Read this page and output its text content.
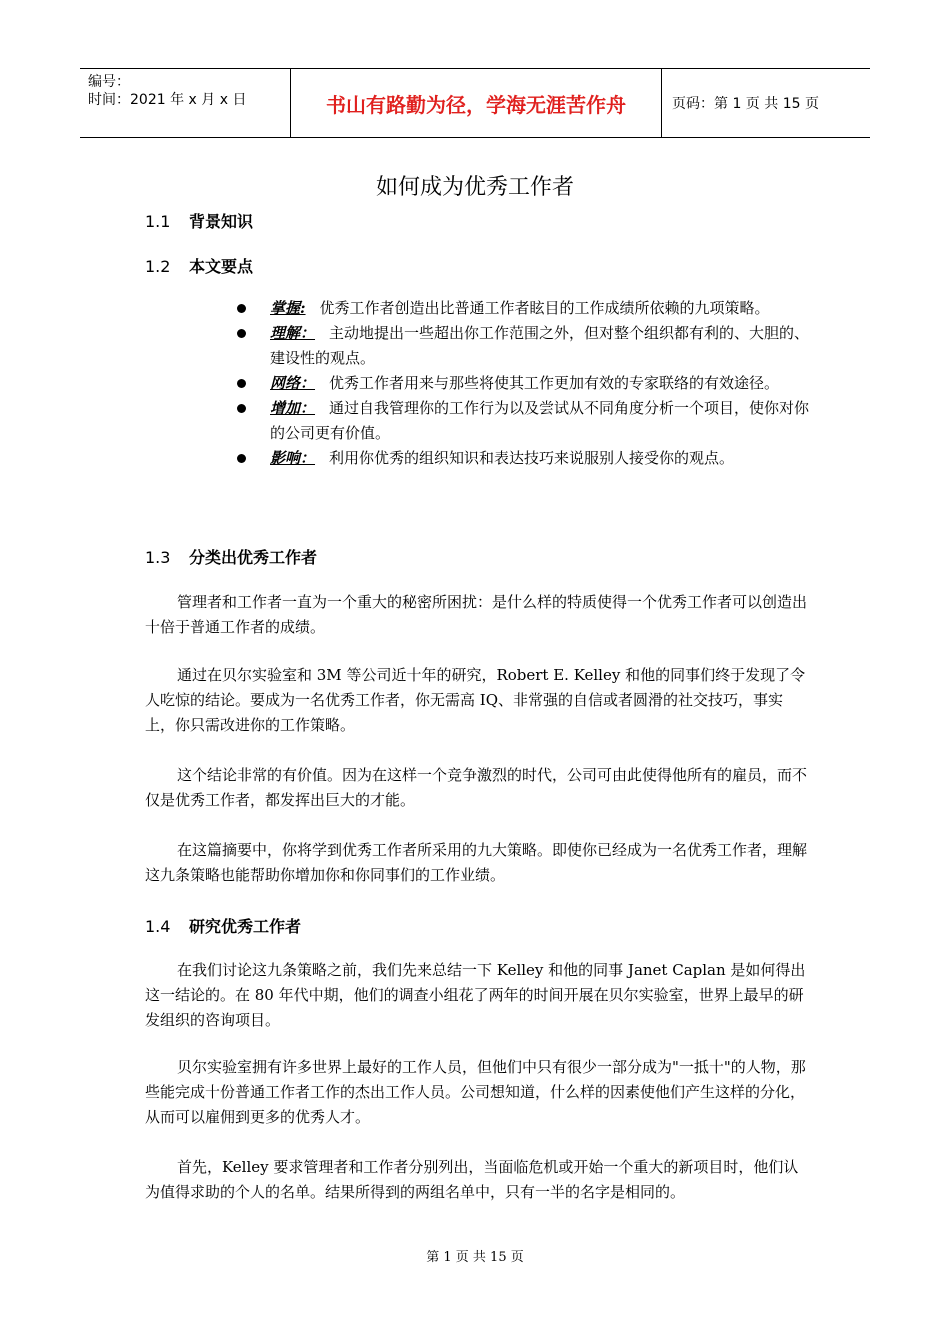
编号：
时间：2021 年 x 月 x 日	书山有路勤为径，学海无涯苦作舟	页码：第 1 页 共 15 页
如何成为优秀工作者
1.1 背景知识
1.2 本文要点
掌握: 优秀工作者创造出比普通工作者眩目的工作成绩所依赖的九项策略。
理解： 主动地提出一些超出你工作范围之外，但对整个组织都有利的、大胆的、建设性的观点。
网络： 优秀工作者用来与那些将使其工作更加有效的专家联络的有效途径。
增加： 通过自我管理你的工作行为以及尝试从不同角度分析一个项目，使你对你的公司更有价值。
影响： 利用你优秀的组织知识和表达技巧来说服别人接受你的观点。
1.3 分类出优秀工作者

管理者和工作者一直为一个重大的秘密所困扰：是什么样的特质使得一个优秀工作者可以创造出十倍于普通工作者的成绩。

通过在贝尔实验室和 3M 等公司近十年的研究，Robert E. Kelley 和他的同事们终于发现了令人吃惊的结论。要成为一名优秀工作者，你无需高 IQ、非常强的自信或者圆滑的社交技巧，事实上，你只需改进你的工作策略。

这个结论非常的有价值。因为在这样一个竞争激烈的时代，公司可由此使得他所有的雇员，而不仅是优秀工作者，都发挥出巨大的才能。

在这篇摘要中，你将学到优秀工作者所采用的九大策略。即使你已经成为一名优秀工作者，理解这九条策略也能帮助你增加你和你同事们的工作业绩。

1.4 研究优秀工作者

在我们讨论这九条策略之前，我们先来总结一下 Kelley 和他的同事 Janet Caplan 是如何得出这一结论的。在 80 年代中期，他们的调查小组花了两年的时间开展在贝尔实验室，世界上最早的研发组织的咨询项目。

贝尔实验室拥有许多世界上最好的工作人员，但他们中只有很少一部分成为"一抵十"的人物，那些能完成十份普通工作者工作的杰出工作人员。公司想知道，什么样的因素使他们产生这样的分化，从而可以雇佣到更多的优秀人才。

首先，Kelley 要求管理者和工作者分别列出，当面临危机或开始一个重大的新项目时，他们认为值得求助的个人的名单。结果所得到的两组名单中，只有一半的名字是相同的。

第 1 页 共 15 页
